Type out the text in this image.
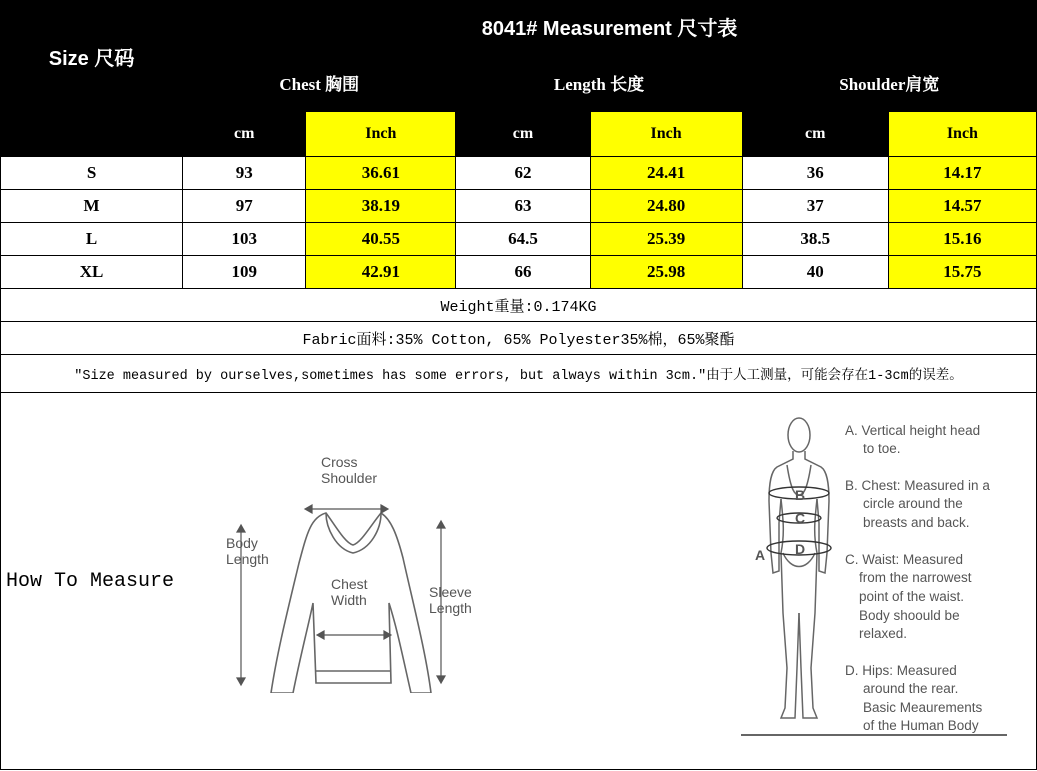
Size 尺码	8041# Measurement 尺寸表					
	Chest 胸围		Length 长度		Shoulder肩宽	
	cm	Inch	cm	Inch	cm	Inch
S	93	36.61	62	24.41	36	14.17
M	97	38.19	63	24.80	37	14.57
L	103	40.55	64.5	25.39	38.5	15.16
XL	109	42.91	66	25.98	40	15.75
Weight重量:0.174KG						
Fabric面料:35% Cotton, 65% Polyester35%棉，65%聚酯						
"Size measured by ourselves,sometimes has some errors, but always within 3cm."由于人工测量，可能会存在1-3cm的误差。						
How To Measure
Cross
Shoulder
Body
Length
Chest
Width	Sleeve
Length
A
B
C
D
A. Vertical height head
to toe.
B. Chest: Measured in a
circle around the
breasts and back.
C. Waist: Measured
from the narrowest
point of the waist.
Body shoould be
relaxed.
D. Hips: Measured
around the rear.
Basic Meaurements
of the Human Body
